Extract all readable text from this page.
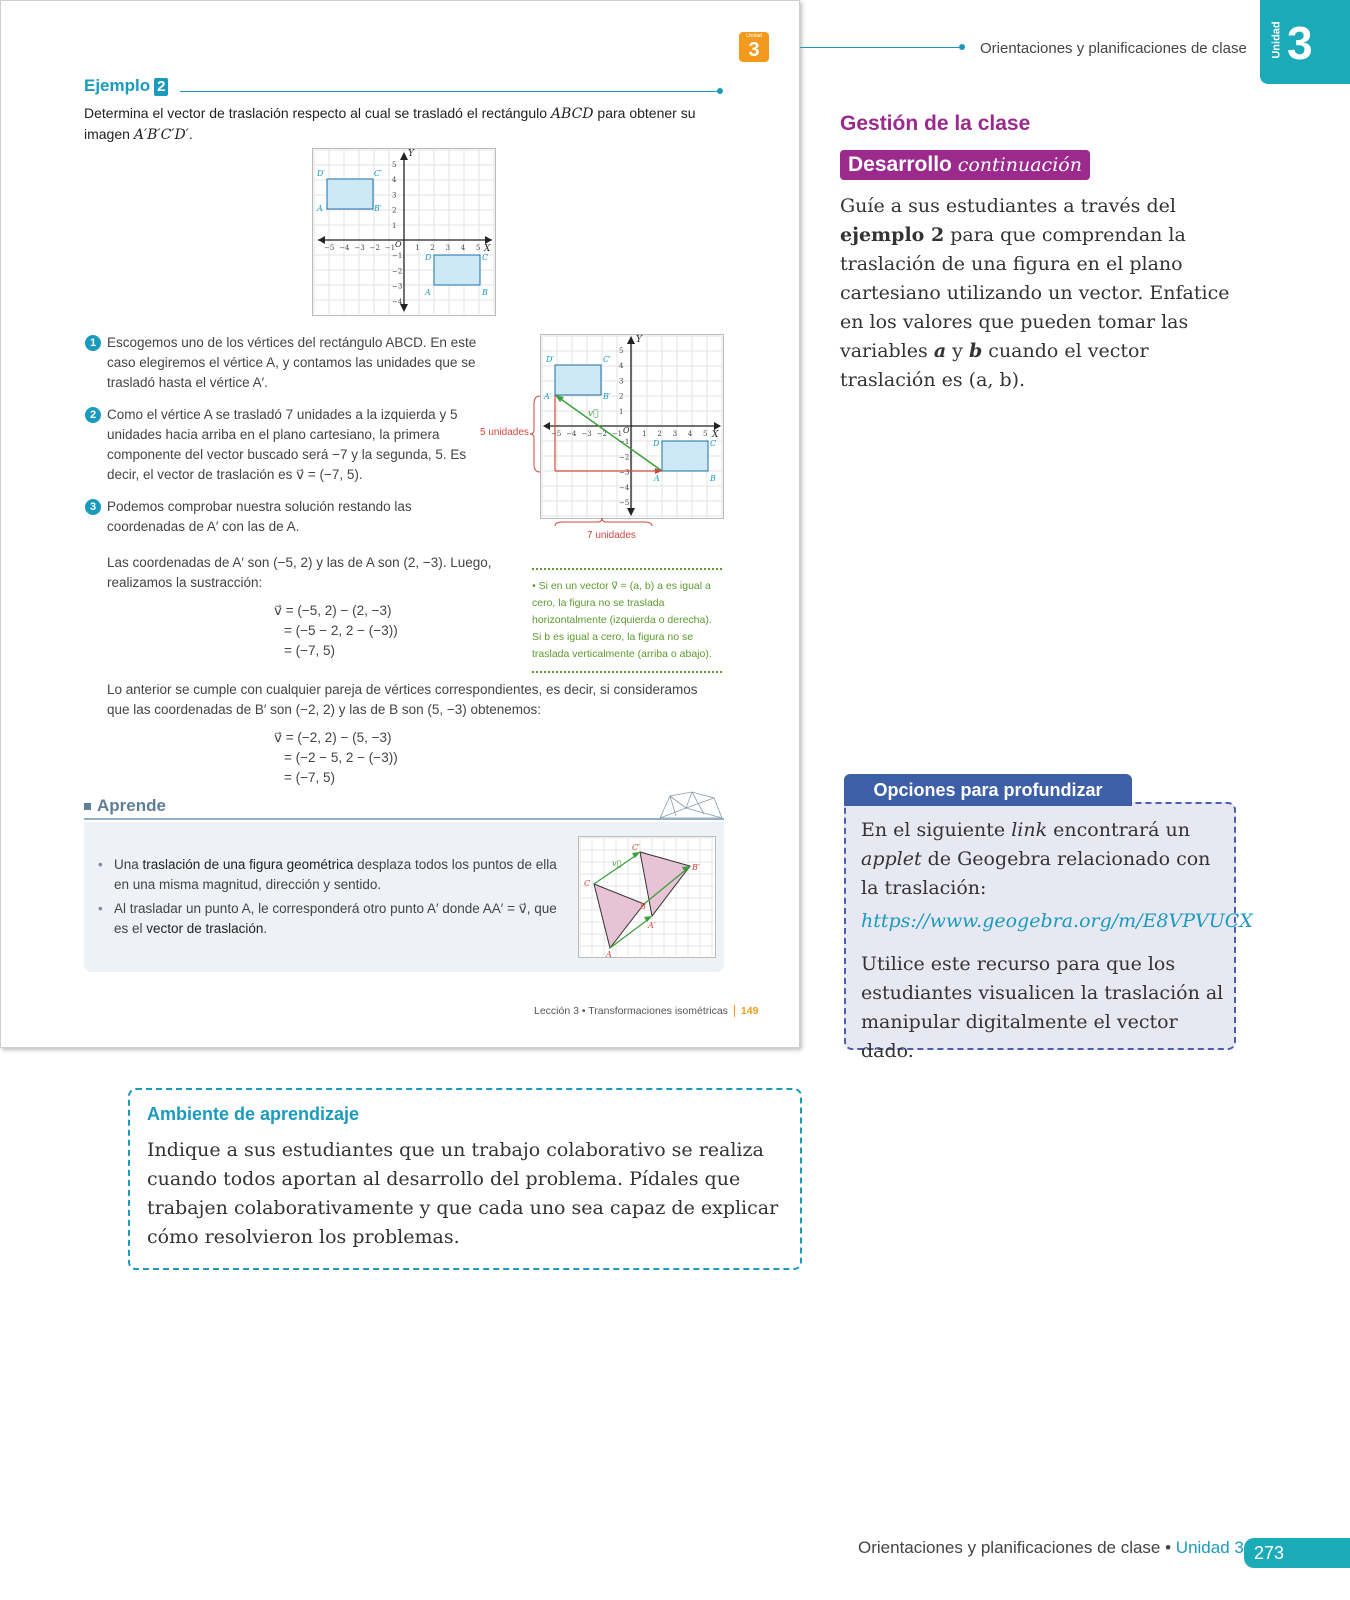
Unidad
3
Ejemplo 2
Determina el vector de traslación respecto al cual se trasladó el rectángulo ABCD para obtener su imagen A′B′C′D′.
Y
X
O
−5 −4 −3 −2 −1	1 2 3 4 5
5
4
3
2
1
−1
−2
−3
−4
D′	C′
A	B′
D	C
A	B
1 Escogemos uno de los vértices del rectángulo ABCD. En este caso elegiremos el vértice A, y contamos las unidades que se trasladó hasta el vértice A′.
2 Como el vértice A se trasladó 7 unidades a la izquierda y 5 unidades hacia arriba en el plano cartesiano, la primera componente del vector buscado será −7 y la segunda, 5. Es decir, el vector de traslación es v⃗ = (−7, 5).
3 Podemos comprobar nuestra solución restando las coordenadas de A′ con las de A.
Y
X
O
−5 −4 −3 −2 −1	1 2 3 4 5
5
4
3
2
1
−1
−2
−3
−4
−5
D′	C′
A′	B′
D	C
A	B
v⃗
5 unidades
7 unidades
Las coordenadas de A′ son (−5, 2) y las de A son (2, −3). Luego, realizamos la sustracción:
v⃗ = (−5, 2) − (2, −3)
= (−5 − 2, 2 − (−3))
= (−7, 5)
• Si en un vector v⃗ = (a, b) a es igual a cero, la figura no se traslada horizontalmente (izquierda o derecha). Si b es igual a cero, la figura no se traslada verticalmente (arriba o abajo).
Lo anterior se cumple con cualquier pareja de vértices correspondientes, es decir, si consideramos que las coordenadas de B′ son (−2, 2) y las de B son (5, −3) obtenemos:
v⃗ = (−2, 2) − (5, −3)
= (−2 − 5, 2 − (−3))
= (−7, 5)
Aprende
• Una traslación de una figura geométrica desplaza todos los puntos de ella en una misma magnitud, dirección y sentido.
• Al trasladar un punto A, le corresponderá otro punto A′ donde AA′ = v⃗, que es el vector de traslación.
A
C
B
A′
C′
B′
v⃗
Lección 3 • Transformaciones isométricas 149
Orientaciones y planificaciones de clase Unidad 3
Gestión de la clase
Desarrollo continuación
Guíe a sus estudiantes a través del ejemplo 2 para que comprendan la traslación de una figura en el plano cartesiano utilizando un vector. Enfatice en los valores que pueden tomar las variables a y b cuando el vector traslación es (a, b).
Opciones para profundizar
En el siguiente link encontrará un applet de Geogebra relacionado con la traslación:
https://www.geogebra.org/m/E8VPVUCX
Utilice este recurso para que los estudiantes visualicen la traslación al manipular digitalmente el vector dado.
Ambiente de aprendizaje
Indique a sus estudiantes que un trabajo colaborativo se realiza cuando todos aportan al desarrollo del problema. Pídales que trabajen colaborativamente y que cada uno sea capaz de explicar cómo resolvieron los problemas.
Orientaciones y planificaciones de clase • Unidad 3 273
